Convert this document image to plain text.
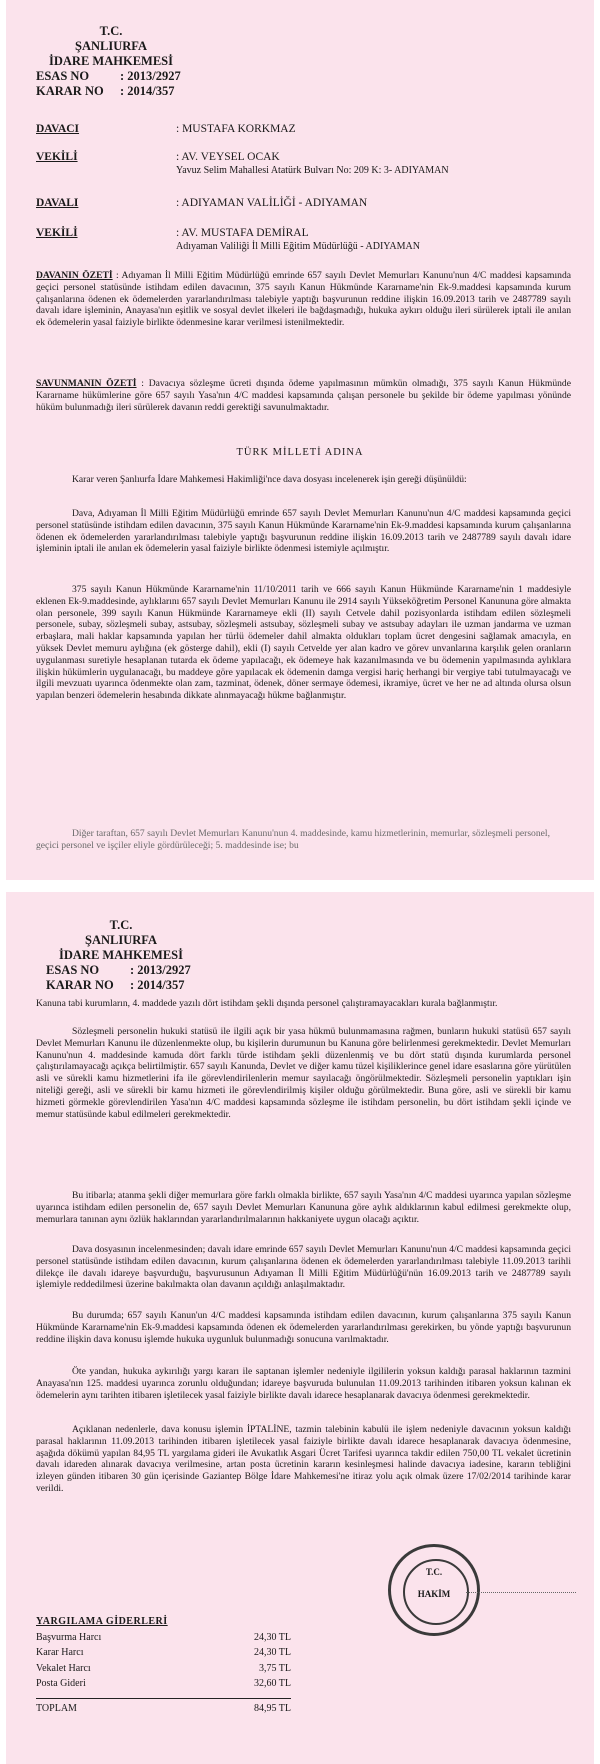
T.C.
ŞANLIURFA
İDARE MAHKEMESİ
ESAS NO	: 2013/2927
KARAR NO	: 2014/357
DAVACI	: MUSTAFA KORKMAZ
VEKİLİ	: AV. VEYSEL OCAK
Yavuz Selim Mahallesi Atatürk Bulvarı No: 209 K: 3- ADIYAMAN
DAVALI	: ADIYAMAN VALİLİĞİ - ADIYAMAN
VEKİLİ	: AV. MUSTAFA DEMİRAL
Adıyaman Valiliği İl Milli Eğitim Müdürlüğü - ADIYAMAN
DAVANIN ÖZETİ : Adıyaman İl Milli Eğitim Müdürlüğü emrinde 657 sayılı Devlet Memurları Kanunu'nun 4/C maddesi kapsamında geçici personel statüsünde istihdam edilen davacının, 375 sayılı Kanun Hükmünde Kararname'nin Ek-9.maddesi kapsamında kurum çalışanlarına ödenen ek ödemelerden yararlandırılması talebiyle yaptığı başvurunun reddine ilişkin 16.09.2013 tarih ve 2487789 sayılı davalı idare işleminin, Anayasa'nın eşitlik ve sosyal devlet ilkeleri ile bağdaşmadığı, hukuka aykırı olduğu ileri sürülerek iptali ile anılan ek ödemelerin yasal faiziyle birlikte ödenmesine karar verilmesi istenilmektedir.
SAVUNMANIN ÖZETİ : Davacıya sözleşme ücreti dışında ödeme yapılmasının mümkün olmadığı, 375 sayılı Kanun Hükmünde Kararname hükümlerine göre 657 sayılı Yasa'nın 4/C maddesi kapsamında çalışan personele bu şekilde bir ödeme yapılması yönünde hüküm bulunmadığı ileri sürülerek davanın reddi gerektiği savunulmaktadır.
TÜRK MİLLETİ ADINA
Karar veren Şanlıurfa İdare Mahkemesi Hakimliği'nce dava dosyası incelenerek işin gereği düşünüldü:
Dava, Adıyaman İl Milli Eğitim Müdürlüğü emrinde 657 sayılı Devlet Memurları Kanunu'nun 4/C maddesi kapsamında geçici personel statüsünde istihdam edilen davacının, 375 sayılı Kanun Hükmünde Kararname'nin Ek-9.maddesi kapsamında kurum çalışanlarına ödenen ek ödemelerden yararlandırılması talebiyle yaptığı başvurunun reddine ilişkin 16.09.2013 tarih ve 2487789 sayılı davalı idare işleminin iptali ile anılan ek ödemelerin yasal faiziyle birlikte ödenmesi istemiyle açılmıştır.
375 sayılı Kanun Hükmünde Kararname'nin 11/10/2011 tarih ve 666 sayılı Kanun Hükmünde Kararname'nin 1 maddesiyle eklenen Ek-9.maddesinde, aylıklarını 657 sayılı Devlet Memurları Kanunu ile 2914 sayılı Yükseköğretim Personel Kanununa göre almakta olan personele, 399 sayılı Kanun Hükmünde Kararnameye ekli (II) sayılı Cetvele dahil pozisyonlarda istihdam edilen sözleşmeli personele, subay, sözleşmeli subay, astsubay, sözleşmeli astsubay, sözleşmeli subay ve astsubay adayları ile uzman jandarma ve uzman erbaşlara, mali haklar kapsamında yapılan her türlü ödemeler dahil almakta oldukları toplam ücret dengesini sağlamak amacıyla, en yüksek Devlet memuru aylığına (ek gösterge dahil), ekli (I) sayılı Cetvelde yer alan kadro ve görev unvanlarına karşılık gelen oranların uygulanması suretiyle hesaplanan tutarda ek ödeme yapılacağı, ek ödemeye hak kazanılmasında ve bu ödemenin yapılmasında aylıklara ilişkin hükümlerin uygulanacağı, bu maddeye göre yapılacak ek ödemenin damga vergisi hariç herhangi bir vergiye tabi tutulmayacağı ve ilgili mevzuatı uyarınca ödenmekte olan zam, tazminat, ödenek, döner sermaye ödemesi, ikramiye, ücret ve her ne ad altında olursa olsun yapılan benzeri ödemelerin hesabında dikkate alınmayacağı hükme bağlanmıştır.
Diğer taraftan, 657 sayılı Devlet Memurları Kanunu'nun 4. maddesinde, kamu hizmetlerinin, memurlar, sözleşmeli personel, geçici personel ve işçiler eliyle gördürüleceği; 5. maddesinde ise; bu
T.C.
ŞANLIURFA
İDARE MAHKEMESİ
ESAS NO	: 2013/2927
KARAR NO	: 2014/357
Kanuna tabi kurumların, 4. maddede yazılı dört istihdam şekli dışında personel çalıştıramayacakları kurala bağlanmıştır.
Sözleşmeli personelin hukuki statüsü ile ilgili açık bir yasa hükmü bulunmamasına rağmen, bunların hukuki statüsü 657 sayılı Devlet Memurları Kanunu ile düzenlenmekte olup, bu kişilerin durumunun bu Kanuna göre belirlenmesi gerekmektedir. Devlet Memurları Kanunu'nun 4. maddesinde kamuda dört farklı türde istihdam şekli düzenlenmiş ve bu dört statü dışında kurumlarda personel çalıştırılamayacağı açıkça belirtilmiştir. 657 sayılı Kanunda, Devlet ve diğer kamu tüzel kişiliklerince genel idare esaslarına göre yürütülen asli ve sürekli kamu hizmetlerini ifa ile görevlendirilenlerin memur sayılacağı öngörülmektedir. Sözleşmeli personelin yaptıkları işin niteliği gereği, asli ve sürekli bir kamu hizmeti ile görevlendirilmiş kişiler olduğu görülmektedir. Buna göre, asli ve sürekli bir kamu hizmeti görmekle görevlendirilen Yasa'nın 4/C maddesi kapsamında sözleşme ile istihdam personelin, bu dört istihdam şekli içinde ve memur statüsünde kabul edilmeleri gerekmektedir.
Bu itibarla; atanma şekli diğer memurlara göre farklı olmakla birlikte, 657 sayılı Yasa'nın 4/C maddesi uyarınca yapılan sözleşme uyarınca istihdam edilen personelin de, 657 sayılı Devlet Memurları Kanununa göre aylık aldıklarının kabul edilmesi gerekmekte olup, memurlara tanınan aynı özlük haklarından yararlandırılmalarının hakkaniyete uygun olacağı açıktır.
Dava dosyasının incelenmesinden; davalı idare emrinde 657 sayılı Devlet Memurları Kanunu'nun 4/C maddesi kapsamında geçici personel statüsünde istihdam edilen davacının, kurum çalışanlarına ödenen ek ödemelerden yararlandırılması talebiyle 11.09.2013 tarihli dilekçe ile davalı idareye başvurduğu, başvurusunun Adıyaman İl Milli Eğitim Müdürlüğü'nün 16.09.2013 tarih ve 2487789 sayılı işlemiyle reddedilmesi üzerine bakılmakta olan davanın açıldığı anlaşılmaktadır.
Bu durumda; 657 sayılı Kanun'un 4/C maddesi kapsamında istihdam edilen davacının, kurum çalışanlarına 375 sayılı Kanun Hükmünde Kararname'nin Ek-9.maddesi kapsamında ödenen ek ödemelerden yararlandırılması gerekirken, bu yönde yaptığı başvurunun reddine ilişkin dava konusu işlemde hukuka uygunluk bulunmadığı sonucuna varılmaktadır.
Öte yandan, hukuka aykırılığı yargı kararı ile saptanan işlemler nedeniyle ilgililerin yoksun kaldığı parasal haklarının tazmini Anayasa'nın 125. maddesi uyarınca zorunlu olduğundan; idareye başvuruda bulunulan 11.09.2013 tarihinden itibaren yoksun kalınan ek ödemelerin aynı tarihten itibaren işletilecek yasal faiziyle birlikte davalı idarece hesaplanarak davacıya ödenmesi gerekmektedir.
Açıklanan nedenlerle, dava konusu işlemin İPTALİNE, tazmin talebinin kabulü ile işlem nedeniyle davacının yoksun kaldığı parasal haklarının 11.09.2013 tarihinden itibaren işletilecek yasal faiziyle birlikte davalı idarece hesaplanarak davacıya ödenmesine, aşağıda dökümü yapılan 84,95 TL yargılama gideri ile Avukatlık Asgari Ücret Tarifesi uyarınca takdir edilen 750,00 TL vekalet ücretinin davalı idareden alınarak davacıya verilmesine, artan posta ücretinin kararın kesinleşmesi halinde davacıya iadesine, kararın tebliğini izleyen günden itibaren 30 gün içerisinde Gaziantep Bölge İdare Mahkemesi'ne itiraz yolu açık olmak üzere 17/02/2014 tarihinde karar verildi.
T.C.
HAKİM
YARGILAMA GİDERLERİ
Başvurma Harcı	24,30 TL
Karar Harcı	24,30 TL
Vekalet Harcı	3,75 TL
Posta Gideri	32,60 TL
TOPLAM	84,95 TL
